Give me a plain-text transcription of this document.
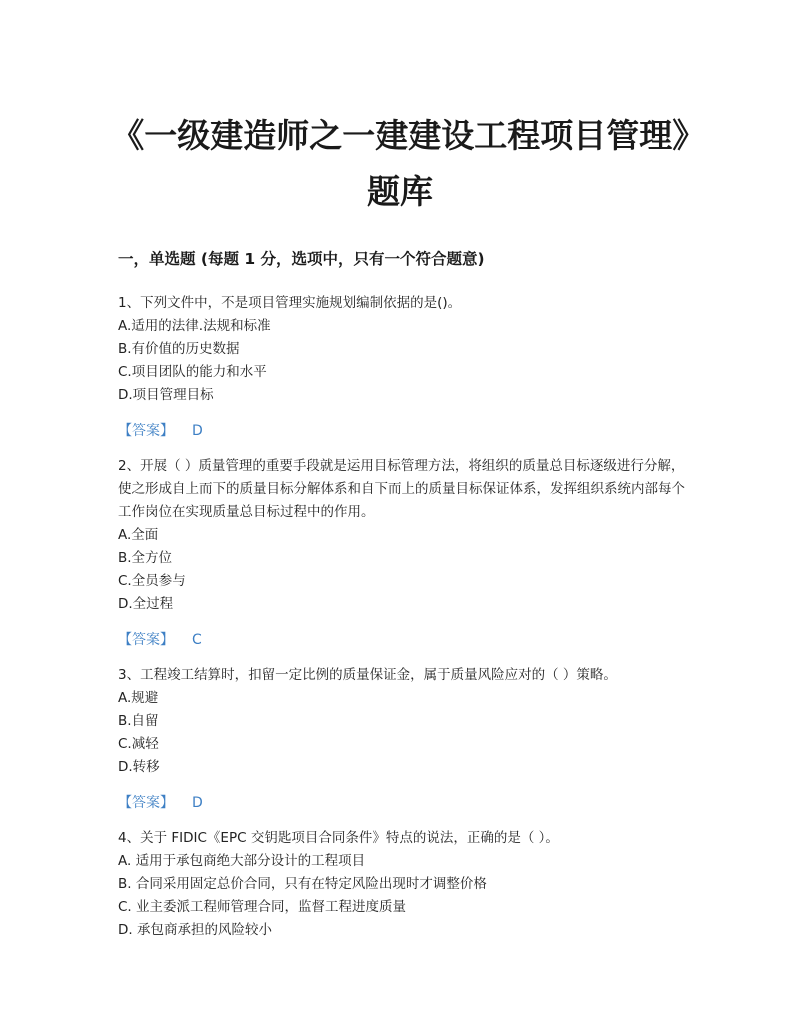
《一级建造师之一建建设工程项目管理》题库
一，单选题 (每题 1 分，选项中，只有一个符合题意)

1、下列文件中，不是项目管理实施规划编制依据的是()。

A.适用的法律.法规和标准

B.有价值的历史数据

C.项目团队的能力和水平

D.项目管理目标

【答案】 D

2、开展（ ）质量管理的重要手段就是运用目标管理方法，将组织的质量总目标逐级进行分解，使之形成自上而下的质量目标分解体系和自下而上的质量目标保证体系，发挥组织系统内部每个工作岗位在实现质量总目标过程中的作用。

A.全面

B.全方位

C.全员参与

D.全过程

【答案】 C

3、工程竣工结算时，扣留一定比例的质量保证金，属于质量风险应对的（ ）策略。

A.规避

B.自留

C.减轻

D.转移

【答案】 D

4、关于 FIDIC《EPC 交钥匙项目合同条件》特点的说法，正确的是（ ）。

A. 适用于承包商绝大部分设计的工程项目

B. 合同采用固定总价合同，只有在特定风险出现时才调整价格

C. 业主委派工程师管理合同，监督工程进度质量

D. 承包商承担的风险较小
